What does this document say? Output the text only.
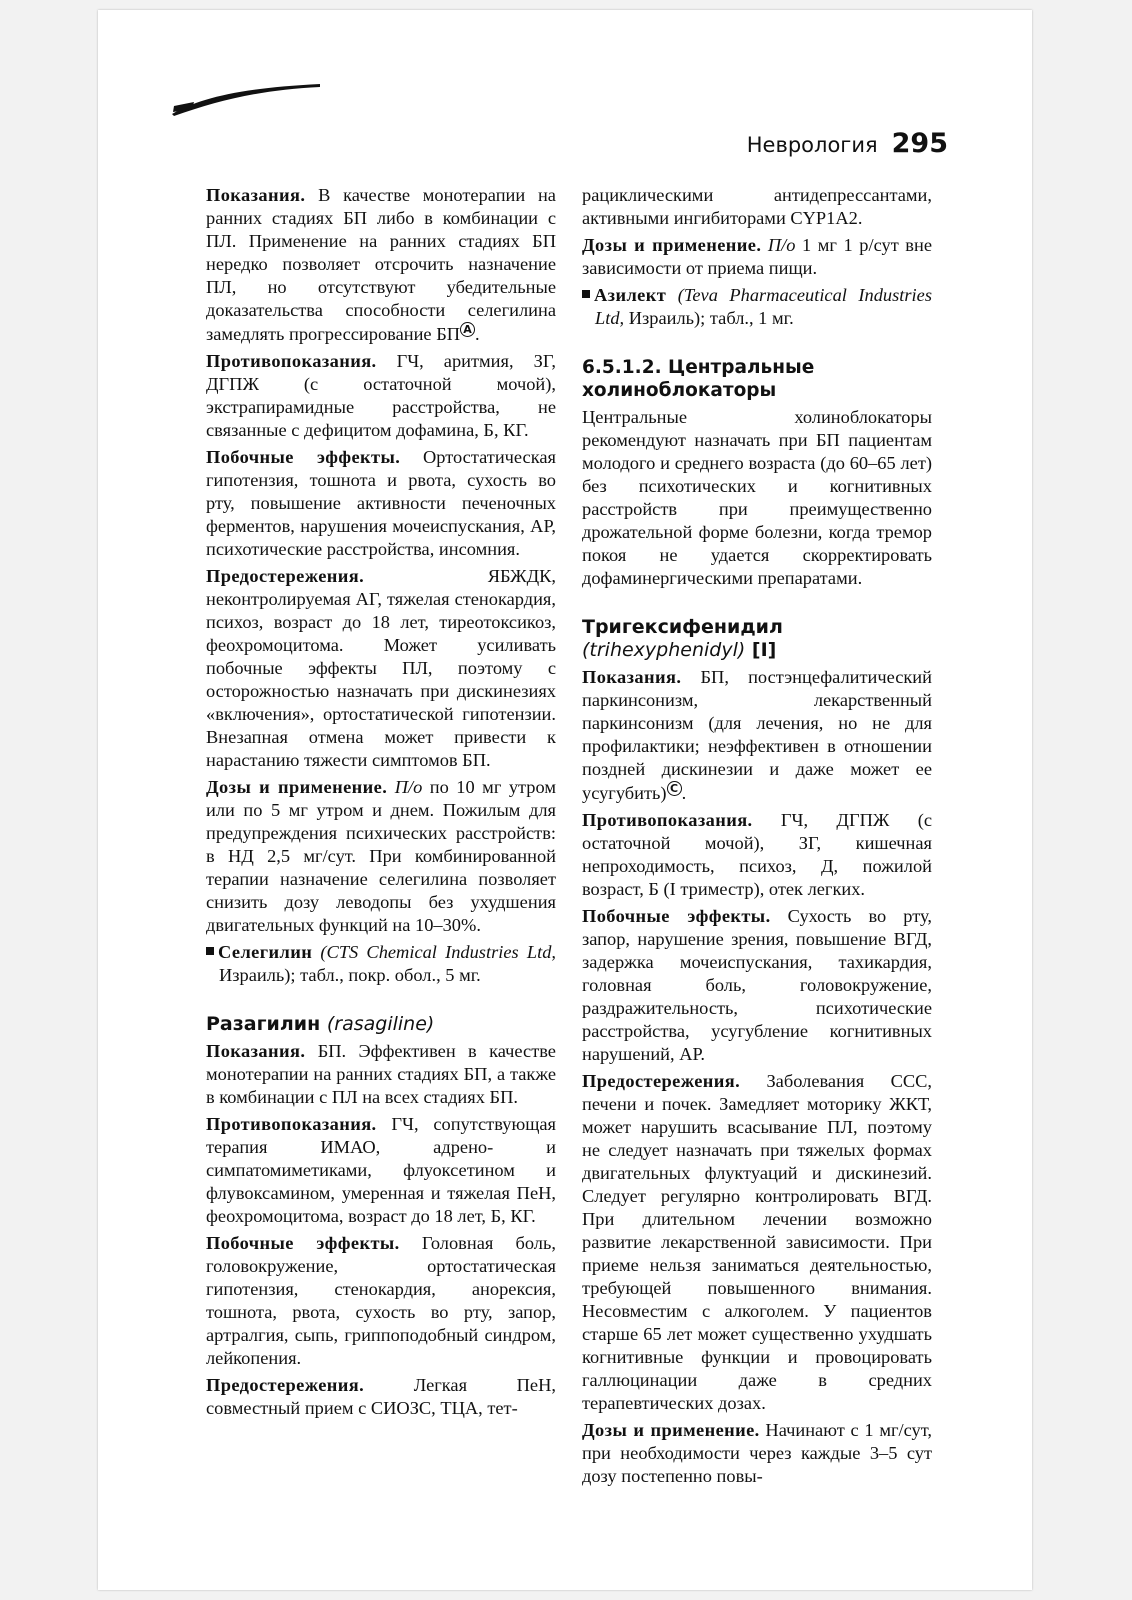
Неврология 295

Показания. В качестве монотерапии на ранних стадиях БП либо в комбинации с ПЛ. Применение на ранних стадиях БП нередко позволяет отсрочить назначение ПЛ, но отсутствуют убедительные доказательства способности селегилина замедлять прогрессирование БП A .

Противопоказания. ГЧ, аритмия, ЗГ, ДГПЖ (с остаточной мочой), экстрапирамидные расстройства, не связанные с дефицитом дофамина, Б, КГ.

Побочные эффекты. Ортостатическая гипотензия, тошнота и рвота, сухость во рту, повышение активности печеночных ферментов, нарушения мочеиспускания, АР, психотические расстройства, инсомния.

Предостережения.	ЯБЖДК, неконтролируемая АГ, тяжелая стенокардия, психоз, возраст до 18 лет, тиреотоксикоз, феохромоцитома. Может усиливать побочные эффекты ПЛ, поэтому с осторожностью назначать при дискинезиях «включения», ортостатической гипотензии. Внезапная отмена может привести к нарастанию тяжести симптомов БП.

Дозы и применение. П/о по 10 мг утром или по 5 мг утром и днем. Пожилым для предупреждения психических расстройств: в НД 2,5 мг/сут. При комбинированной терапии назначение селегилина позволяет снизить дозу леводопы без ухудшения двигательных функций на 10–30%.

Селегилин (CTS Chemical Industries Ltd, Израиль); табл., покр. обол., 5 мг.

Разагилин (rasagiline)

Показания. БП. Эффективен в качестве монотерапии на ранних стадиях БП, а также в комбинации с ПЛ на всех стадиях БП.

Противопоказания. ГЧ, сопутствующая терапия ИМАО, адрено- и симпатомиметиками, флуоксетином и флувоксамином, умеренная и тяжелая ПеН, феохромоцитома, возраст до 18 лет, Б, КГ.

Побочные эффекты. Головная боль, головокружение, ортостатическая гипотензия, стенокардия, анорексия, тошнота, рвота, сухость во рту, запор, артралгия, сыпь, гриппоподобный синдром, лейкопения.

Предостережения.	Легкая ПеН, совместный прием с СИОЗС, ТЦА, тет-

рациклическими антидепрессантами, активными ингибиторами CYP1A2.

Дозы и применение. П/о 1 мг 1 р/сут вне зависимости от приема пищи.

Азилект (Teva Pharmaceutical Industries Ltd, Израиль); табл., 1 мг.

6.5.1.2. Центральные холиноблокаторы

Центральные холиноблокаторы рекомендуют назначать при БП пациентам молодого и среднего возраста (до 60–65 лет) без психотических и когнитивных расстройств при преимущественно дрожательной форме болезни, когда тремор покоя не удается скорректировать дофаминергическими препаратами.

Тригексифенидил
(trihexyphenidyl) [I]

Показания. БП, постэнцефалитический паркинсонизм, лекарственный паркинсонизм (для лечения, но не для профилактики; неэффективен в отношении поздней дискинезии и даже может ее усугубить) C .

Противопоказания. ГЧ, ДГПЖ (с остаточной мочой), ЗГ, кишечная непроходимость, психоз, Д, пожилой возраст, Б (I триместр), отек легких.

Побочные эффекты. Сухость во рту, запор, нарушение зрения, повышение ВГД, задержка мочеиспускания, тахикардия, головная боль, головокружение, раздражительность, психотические расстройства, усугубление когнитивных нарушений, АР.

Предостережения. Заболевания ССС, печени и почек. Замедляет моторику ЖКТ, может нарушить всасывание ПЛ, поэтому не следует назначать при тяжелых формах двигательных флуктуаций и дискинезий. Следует регулярно контролировать ВГД. При длительном лечении возможно развитие лекарственной зависимости. При приеме нельзя заниматься деятельностью, требующей повышенного внимания. Несовместим с алкоголем. У пациентов старше 65 лет может существенно ухудшать когнитивные функции и провоцировать галлюцинации даже в средних терапевтических дозах.

Дозы и применение. Начинают с 1 мг/сут, при необходимости через каждые 3–5 сут дозу постепенно повы-
